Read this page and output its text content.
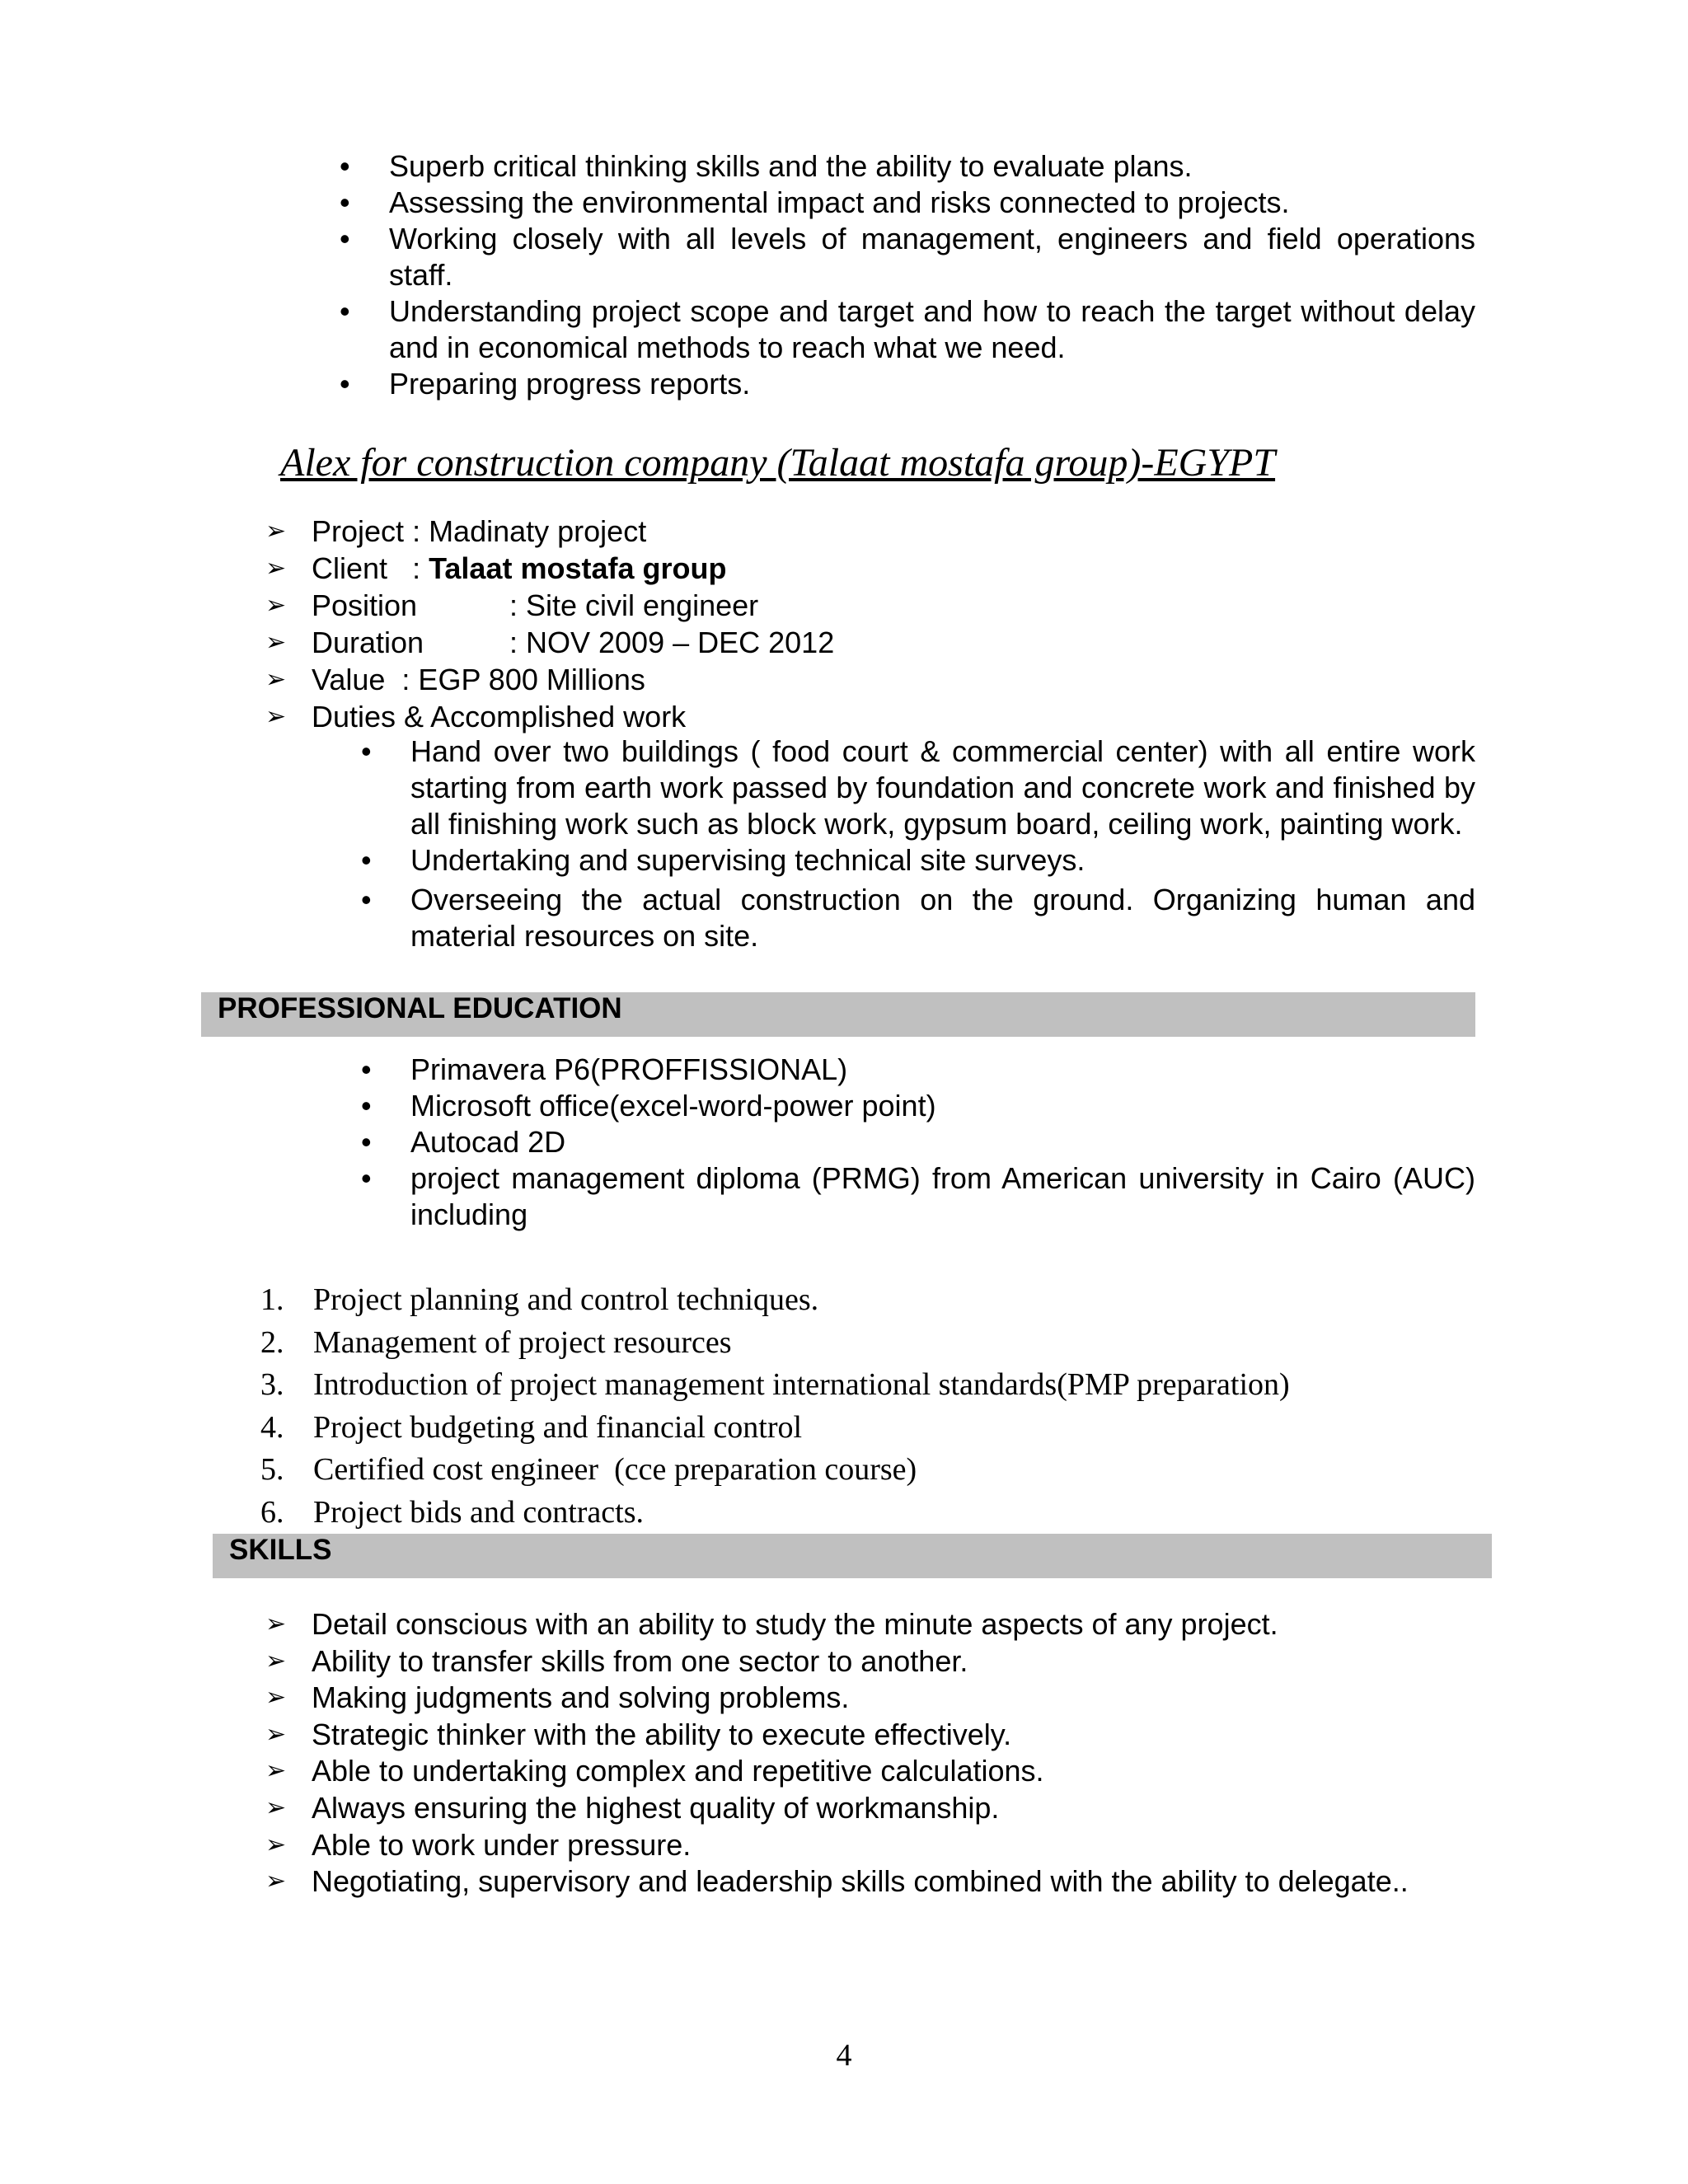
• Superb critical thinking skills and the ability to evaluate plans.
• Assessing the environmental impact and risks connected to projects.
• Working closely with all levels of management, engineers and field operations
staff.
• Understanding project scope and target and how to reach the target without delay and in economical methods to reach what we need.
• Preparing progress reports.
Alex for construction company (Talaat mostafa group)-EGYPT
➢ Project : Madinaty project
➢ Client : Talaat mostafa group
➢ Position	: Site civil engineer
➢ Duration	: NOV 2009 – DEC 2012
➢ Value : EGP 800 Millions
➢ Duties & Accomplished work
• Hand over two buildings ( food court & commercial center) with all entire work starting from earth work passed by foundation and concrete work and finished by all finishing work such as block work, gypsum board, ceiling work, painting work.
• Undertaking and supervising technical site surveys.
• Overseeing the actual construction on the ground. Organizing human and material resources on site.
PROFESSIONAL EDUCATION
• Primavera P6(PROFFISSIONAL)
• Microsoft office(excel-word-power point)
• Autocad 2D
• project management diploma (PRMG) from American university in Cairo (AUC) including
1. Project planning and control techniques.
2. Management of project resources
3. Introduction of project management international standards(PMP preparation)
4. Project budgeting and financial control
5. Certified cost engineer  (cce preparation course)
6. Project bids and contracts.
SKILLS
➢ Detail conscious with an ability to study the minute aspects of any project.
➢ Ability to transfer skills from one sector to another.
➢ Making judgments and solving problems.
➢ Strategic thinker with the ability to execute effectively.
➢ Able to undertaking complex and repetitive calculations.
➢ Always ensuring the highest quality of workmanship.
➢ Able to work under pressure.
➢ Negotiating, supervisory and leadership skills combined with the ability to delegate..
4
